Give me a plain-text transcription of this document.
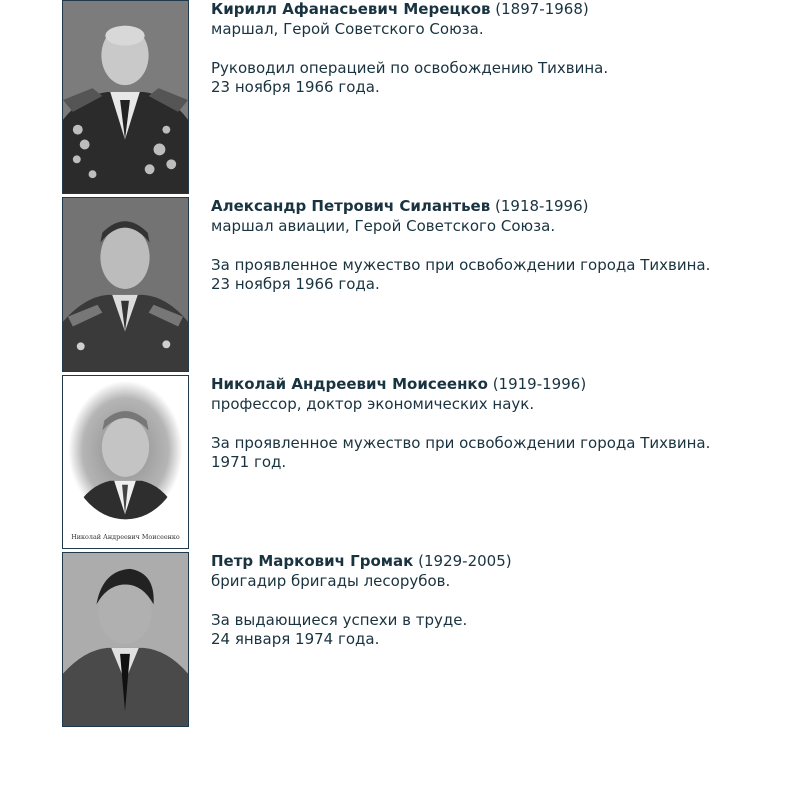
Кирилл Афанасьевич Мерецков (1897-1968)

маршал, Герой Советского Союза.

Руководил операцией по освобождению Тихвина.

23 ноября 1966 года.

Александр Петрович Силантьев (1918-1996)

маршал авиации, Герой Советского Союза.

За проявленное мужество при освобождении города Тихвина.

23 ноября 1966 года.

Николай Андреевич Моисеенко

Николай Андреевич Моисеенко (1919-1996)

профессор, доктор экономических наук.

За проявленное мужество при освобождении города Тихвина.

1971 год.

Петр Маркович Громак (1929-2005)

бригадир бригады лесорубов.

За выдающиеся успехи в труде.

24 января 1974 года.
